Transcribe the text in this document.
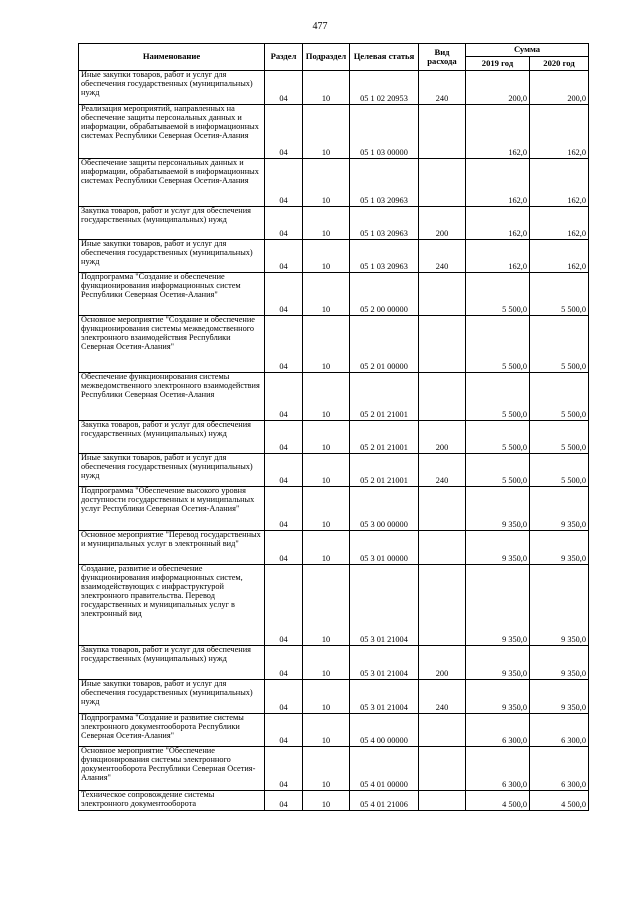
477
Наименование	Раздел	Подраздел	Целевая статья	Вид расхода	Сумма	
					2019 год	2020 год
Иные закупки товаров, работ и услуг для обеспечения государственных (муниципальных) нужд	04	10	05 1 02 20953	240	200,0	200,0
Реализация мероприятий, направленных на обеспечение защиты персональных данных и информации, обрабатываемой в информационных системах Республики Северная Осетия-Алания	04	10	05 1 03 00000		162,0	162,0
Обеспечение защиты персональных данных и информации, обрабатываемой в информационных системах Республики Северная Осетия-Алания	04	10	05 1 03 20963		162,0	162,0
Закупка товаров, работ и услуг для обеспечения государственных (муниципальных) нужд	04	10	05 1 03 20963	200	162,0	162,0
Иные закупки товаров, работ и услуг для обеспечения государственных (муниципальных) нужд	04	10	05 1 03 20963	240	162,0	162,0
Подпрограмма "Создание и обеспечение функционирования информационных систем Республики Северная Осетия-Алания"	04	10	05 2 00 00000		5 500,0	5 500,0
Основное мероприятие "Создание и обеспечение функционирования системы межведомственного электронного взаимодействия Республики Северная Осетия-Алания"	04	10	05 2 01 00000		5 500,0	5 500,0
Обеспечение функционирования системы межведомственного электронного взаимодействия Республики Северная Осетия-Алания	04	10	05 2 01 21001		5 500,0	5 500,0
Закупка товаров, работ и услуг для обеспечения государственных (муниципальных) нужд	04	10	05 2 01 21001	200	5 500,0	5 500,0
Иные закупки товаров, работ и услуг для обеспечения государственных (муниципальных) нужд	04	10	05 2 01 21001	240	5 500,0	5 500,0
Подпрограмма "Обеспечение высокого уровня доступности государственных и муниципальных услуг Республики Северная Осетия-Алания"	04	10	05 3 00 00000		9 350,0	9 350,0
Основное мероприятие "Перевод государственных и муниципальных услуг в электронный вид"	04	10	05 3 01 00000		9 350,0	9 350,0
Создание, развитие и обеспечение функционирования информационных систем, взаимодействующих с инфраструктурой электронного правительства. Перевод государственных и муниципальных услуг в электронный вид	04	10	05 3 01 21004		9 350,0	9 350,0
Закупка товаров, работ и услуг для обеспечения государственных (муниципальных) нужд	04	10	05 3 01 21004	200	9 350,0	9 350,0
Иные закупки товаров, работ и услуг для обеспечения государственных (муниципальных) нужд	04	10	05 3 01 21004	240	9 350,0	9 350,0
Подпрограмма "Создание и развитие системы электронного документооборота Республики Северная Осетия-Алания"	04	10	05 4 00 00000		6 300,0	6 300,0
Основное мероприятие "Обеспечение функционирования системы электронного документооборота Республики Северная Осетия-Алания"	04	10	05 4 01 00000		6 300,0	6 300,0
Техническое сопровождение системы электронного документооборота	04	10	05 4 01 21006		4 500,0	4 500,0
